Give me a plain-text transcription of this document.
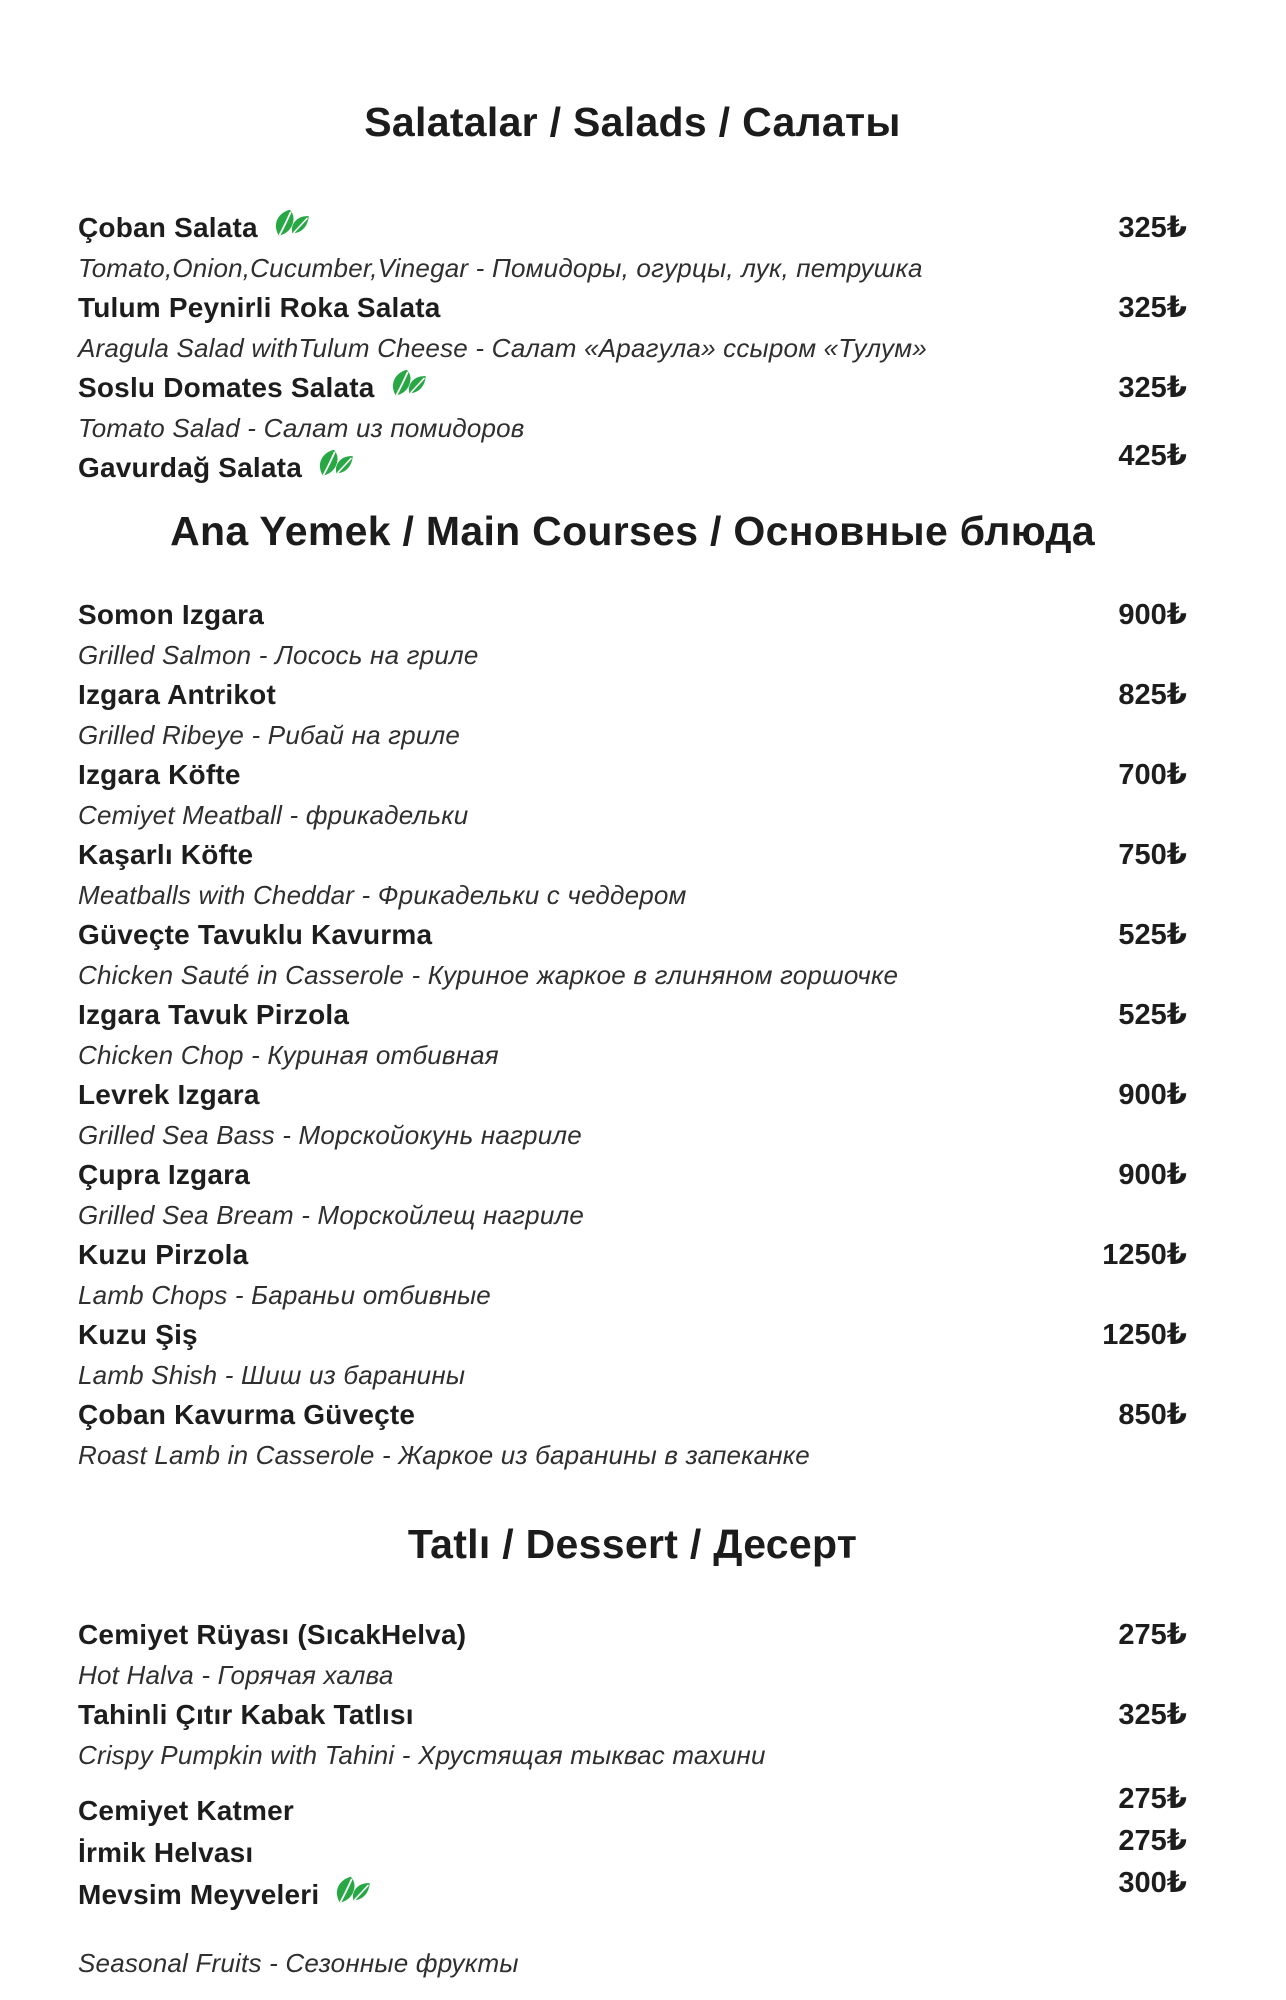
Salatalar / Salads / Салаты
Çoban Salata	325₺
Tomato,Onion,Cucumber,Vinegar - Помидоры, огурцы, лук, петрушка
Tulum Peynirli Roka Salata	325₺
Aragula Salad withTulum Cheese - Салат «Арагула» ссыром «Тулум»
Soslu Domates Salata	325₺
Tomato Salad - Салат из помидоров
Gavurdağ Salata	425₺
Ana Yemek / Main Courses / Основные блюда
Somon Izgara	900₺
Grilled Salmon - Лосось на гриле
Izgara Antrikot	825₺
Grilled Ribeye - Рибай на гриле
Izgara Köfte	700₺
Cemiyet Meatball - фрикадельки
Kaşarlı Köfte	750₺
Meatballs with Cheddar - Фрикадельки с чеддером
Güveçte Tavuklu Kavurma	525₺
Chicken Sauté in Casserole - Куриное жаркое в глиняном горшочке
Izgara Tavuk Pirzola	525₺
Chicken Chop - Куриная отбивная
Levrek Izgara	900₺
Grilled Sea Bass - Морскойокунь нагриле
Çupra Izgara	900₺
Grilled Sea Bream - Морскойлещ нагриле
Kuzu Pirzola	1250₺
Lamb Chops - Бараньи отбивные
Kuzu Şiş	1250₺
Lamb Shish - Шиш из баранины
Çoban Kavurma Güveçte	850₺
Roast Lamb in Casserole - Жаркое из баранины в запеканке
Tatlı / Dessert / Десерт
Cemiyet Rüyası (SıcakHelva)	275₺
Hot Halva - Горячая халва
Tahinli Çıtır Kabak Tatlısı	325₺
Crispy Pumpkin with Tahini - Хрустящая тыквас тахини
Cemiyet Katmer	275₺
İrmik Helvası	275₺
Mevsim Meyveleri	300₺
Seasonal Fruits - Сезонные фрукты
